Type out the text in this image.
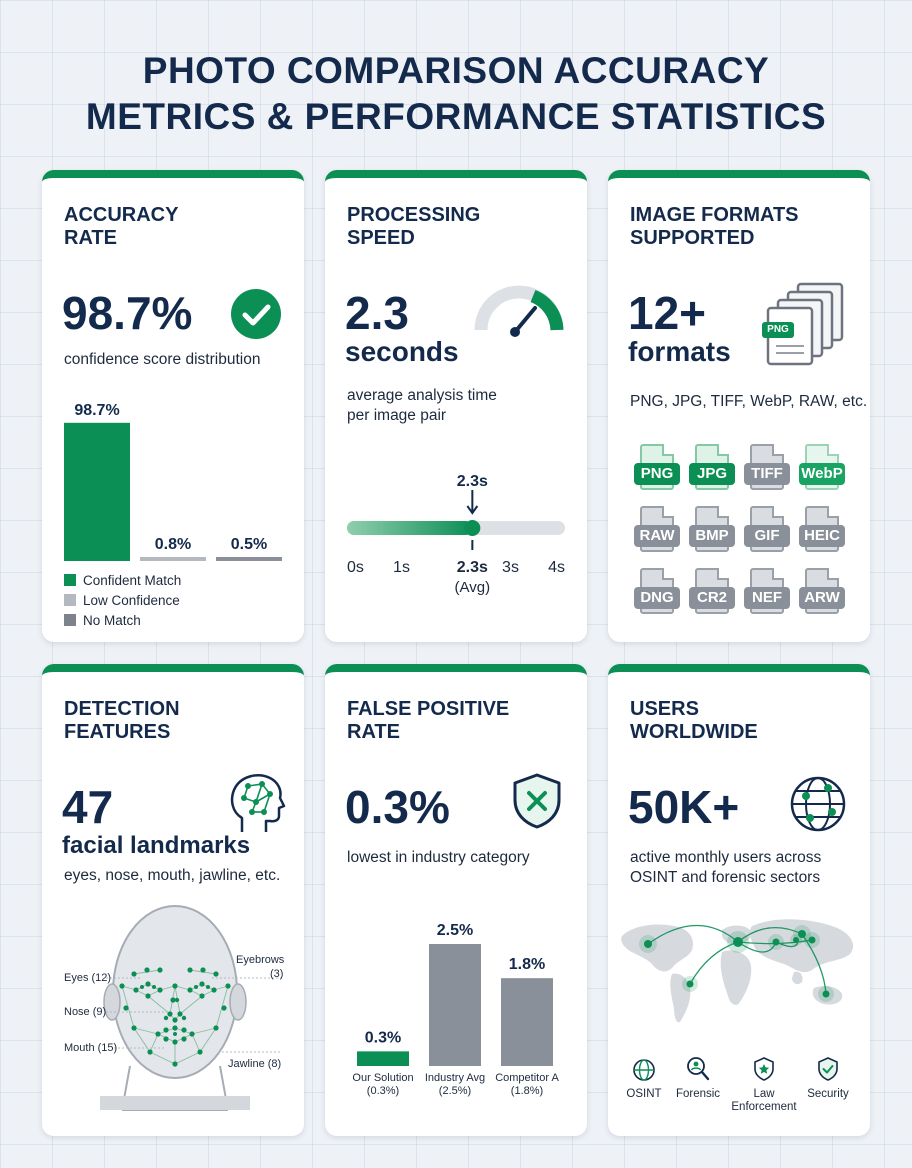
PHOTO COMPARISON ACCURACY
METRICS & PERFORMANCE STATISTICS
ACCURACY RATE
98.7%
confidence score distribution
98.7%
0.8% 0.5%
Confident Match
Low Confidence
No Match
PROCESSING SPEED
2.3
seconds
average analysis time
per image pair
2.3s
0s 1s	2.3s 3s 4s
(Avg)
IMAGE FORMATS SUPPORTED
12+
formats
PNG
PNG, JPG, TIFF, WebP, RAW, etc.
PNG	JPG	TIFF	WebP
RAW	BMP	GIF	HEIC
DNG	CR2	NEF	ARW
DETECTION FEATURES
47
facial landmarks
eyes, nose, mouth, jawline, etc.
Eyes (12)
Nose (9)
Mouth (15)
Eyebrows
(3)
Jawline (8)
FALSE POSITIVE RATE
0.3%
lowest in industry category
0.3%
2.5%
1.8%
Our Solution
(0.3%)
Industry Avg
(2.5%)
Competitor A
(1.8%)
USERS WORLDWIDE
50K+
active monthly users across
OSINT and forensic sectors
OSINT	Forensic	Law
Enforcement
Security
